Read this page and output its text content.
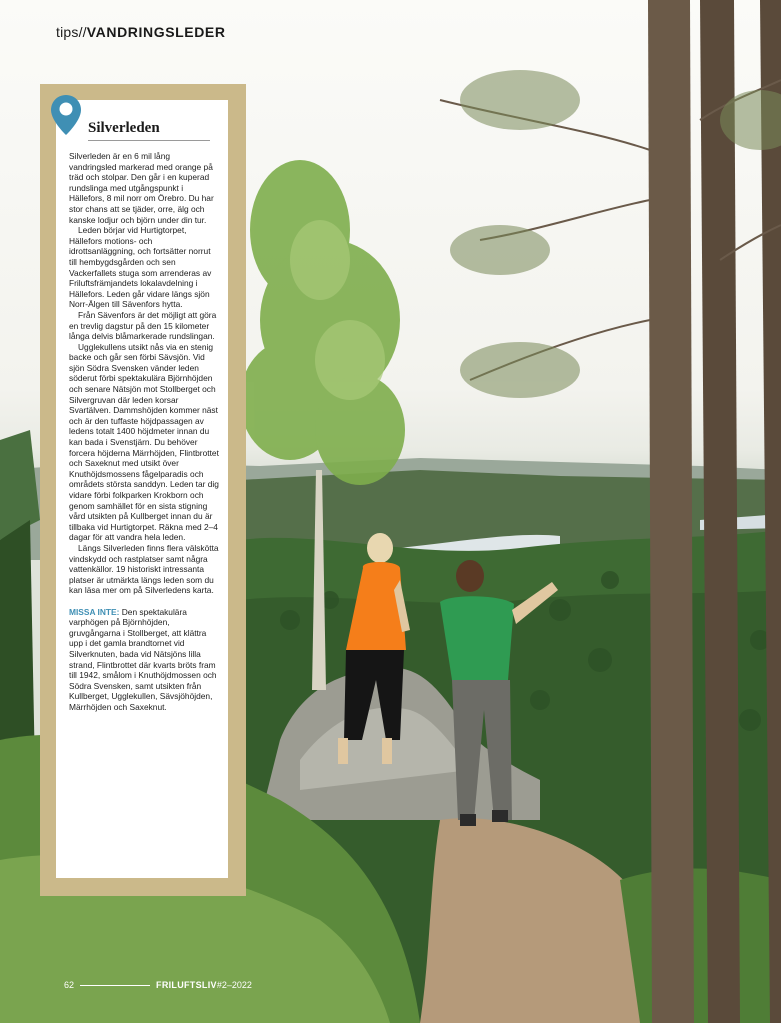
tips//VANDRINGSLEDER
Silverleden

Silverleden är en 6 mil lång vandringsled markerad med orange på träd och stolpar. Den går i en kuperad rundslinga med utgångspunkt i Hällefors, 8 mil norr om Örebro. Du har stor chans att se tjäder, orre, älg och kanske lodjur och björn under din tur.

Leden börjar vid Hurtigtorpet, Hällefors motions- och idrottsanläggning, och fortsätter norrut till hembygdsgården och sen Vackerfallets stuga som arrenderas av Friluftsfrämjandets lokalavdelning i Hällefors. Leden går vidare längs sjön Norr-Älgen till Sävenfors hytta.

Från Sävenfors är det möjligt att göra en trevlig dagstur på den 15 kilometer långa delvis blåmarkerade rundslingan.

Ugglekullens utsikt nås via en stenig backe och går sen förbi Sävsjön. Vid sjön Södra Svensken vänder leden söderut förbi spektakulära Björnhöjden och senare Nätsjön mot Stollberget och Silvergruvan där leden korsar Svartälven. Dammshöjden kommer näst och är den tuffaste höjdpassagen av ledens totalt 1400 höjdmeter innan du kan bada i Svenstjärn. Du behöver forcera höjderna Märrhöjden, Flintbrottet och Saxeknut med utsikt över Knuthöjdsmossens fågelparadis och områdets största sanddyn. Leden tar dig vidare förbi folkparken Krokborn och genom samhället för en sista stigning vård utsikten på Kullberget innan du är tillbaka vid Hurtigtorpet. Räkna med 2–4 dagar för att vandra hela leden.

Längs Silverleden finns flera välskötta vindskydd och rastplatser samt några vattenkällor. 19 historiskt intressanta platser är utmärkta längs leden som du kan läsa mer om på Silverledens karta.

MISSA INTE: Den spektakulära varphögen på Björnhöjden, gruvgångarna i Stollberget, att klättra upp i det gamla brandtornet vid Silverknuten, bada vid Nätsjöns lilla strand, Flintbrottet där kvarts bröts fram till 1942, smålom i Knuthöjdmossen och Södra Svensken, samt utsikten från Kullberget, Ugglekullen, Sävsjöhöjden, Märrhöjden och Saxeknut.

62	FRILUFTSLIV #2–2022
